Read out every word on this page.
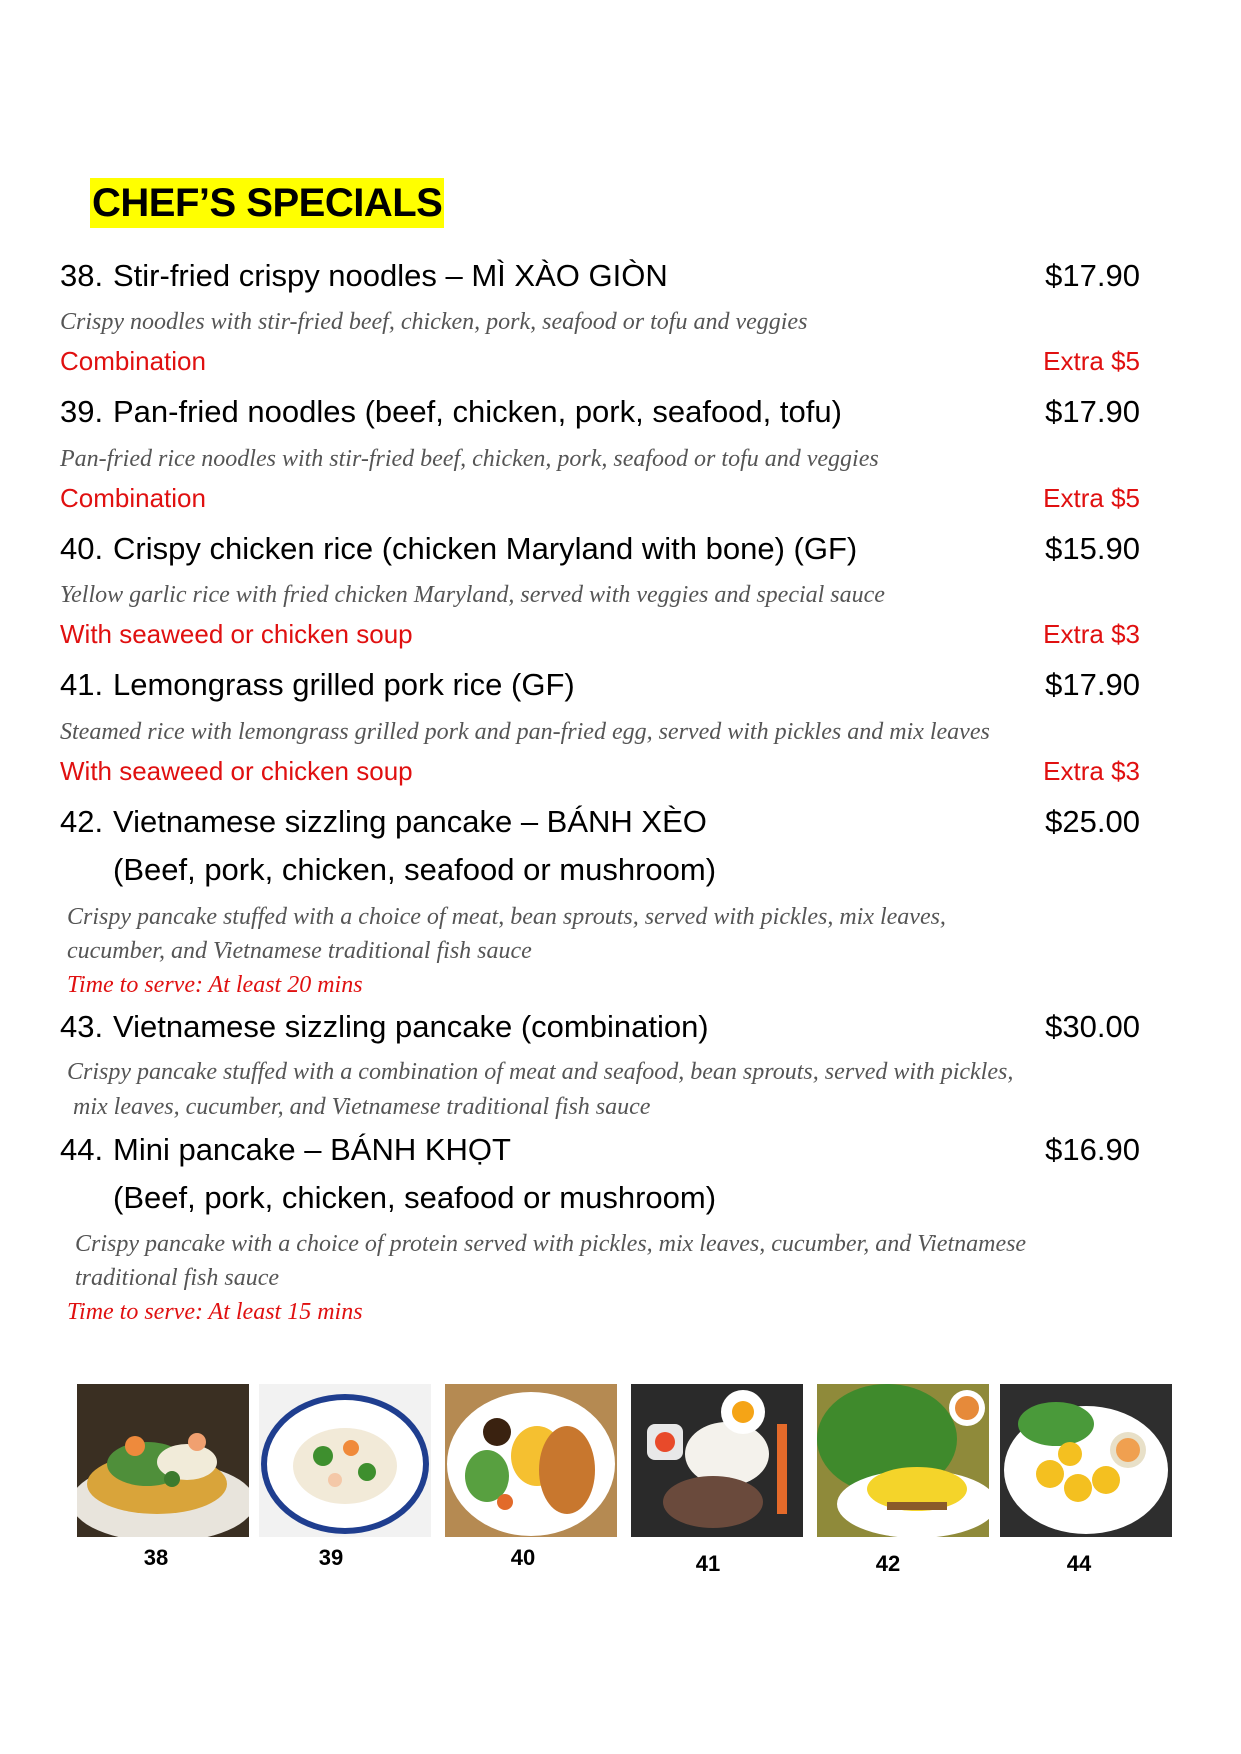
CHEF’S SPECIALS
38. Stir-fried crispy noodles – MÌ XÀO GIÒN	$17.90
Crispy noodles with stir-fried beef, chicken, pork, seafood or tofu and veggies
Combination	Extra $5
39. Pan-fried noodles (beef, chicken, pork, seafood, tofu)	$17.90
Pan-fried rice noodles with stir-fried beef, chicken, pork, seafood or tofu and veggies
Combination	Extra $5
40. Crispy chicken rice (chicken Maryland with bone) (GF)	$15.90
Yellow garlic rice with fried chicken Maryland, served with veggies and special sauce
With seaweed or chicken soup	Extra $3
41. Lemongrass grilled pork rice (GF)	$17.90
Steamed rice with lemongrass grilled pork and pan-fried egg, served with pickles and mix leaves
With seaweed or chicken soup	Extra $3
42. Vietnamese sizzling pancake – BÁNH XÈO
(Beef, pork, chicken, seafood or mushroom)
$25.00
Crispy pancake stuffed with a choice of meat, bean sprouts, served with pickles, mix leaves,
cucumber, and Vietnamese traditional fish sauce
Time to serve: At least 20 mins
43. Vietnamese sizzling pancake (combination)	$30.00
Crispy pancake stuffed with a combination of meat and seafood, bean sprouts, served with pickles,
mix leaves, cucumber, and Vietnamese traditional fish sauce
44. Mini pancake – BÁNH KHỌT
(Beef, pork, chicken, seafood or mushroom)
$16.90
Crispy pancake with a choice of protein served with pickles, mix leaves, cucumber, and Vietnamese
traditional fish sauce
Time to serve: At least 15 mins
38	39	40	41	42	44
